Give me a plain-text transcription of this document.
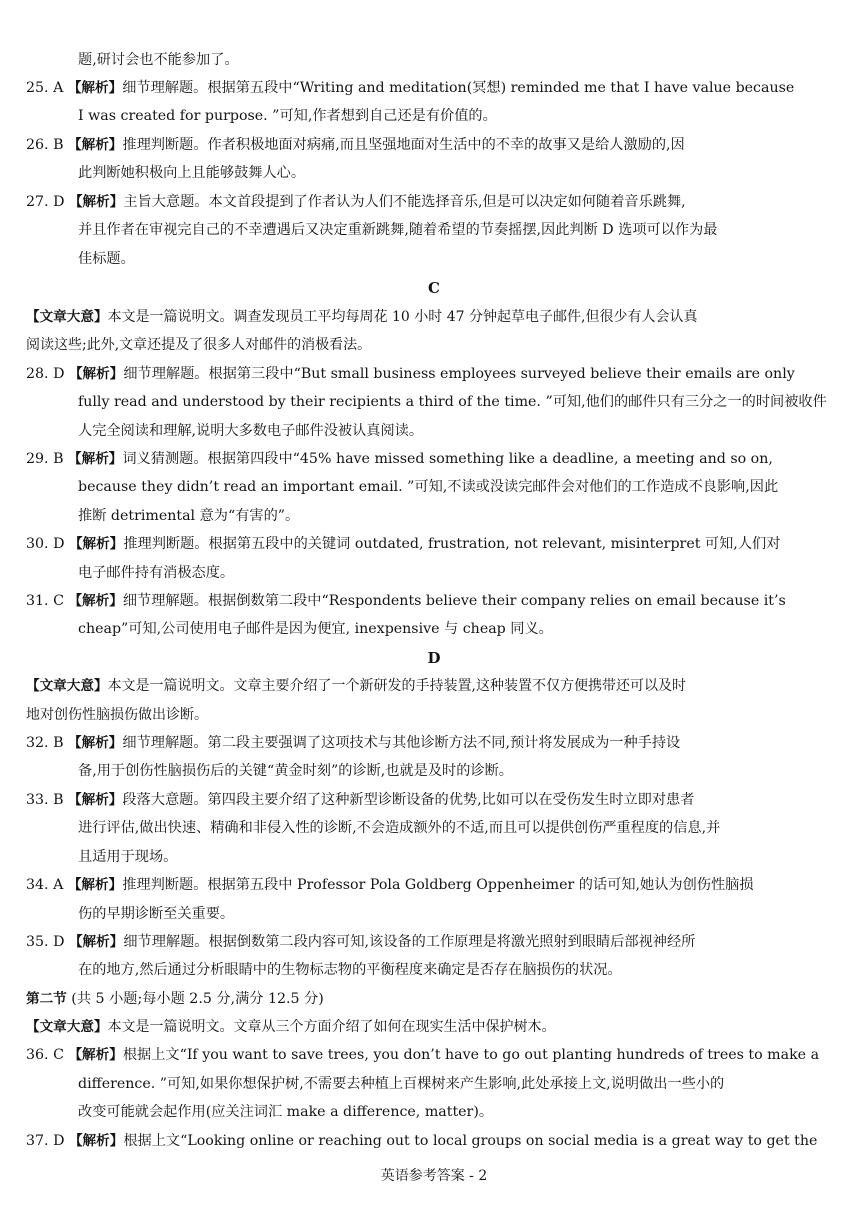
题,研讨会也不能参加了。
25. A 【解析】细节理解题。根据第五段中“Writing and meditation(冥想) reminded me that I have value because
I was created for purpose. ”可知,作者想到自己还是有价值的。
26. B 【解析】推理判断题。作者积极地面对病痛,而且坚强地面对生活中的不幸的故事又是给人激励的,因
此判断她积极向上且能够鼓舞人心。
27. D 【解析】主旨大意题。本文首段提到了作者认为人们不能选择音乐,但是可以决定如何随着音乐跳舞,
并且作者在审视完自己的不幸遭遇后又决定重新跳舞,随着希望的节奏摇摆,因此判断 D 选项可以作为最
佳标题。
C
【文章大意】本文是一篇说明文。调查发现员工平均每周花 10 小时 47 分钟起草电子邮件,但很少有人会认真
阅读这些;此外,文章还提及了很多人对邮件的消极看法。
28. D 【解析】细节理解题。根据第三段中“But small business employees surveyed believe their emails are only
fully read and understood by their recipients a third of the time. ”可知,他们的邮件只有三分之一的时间被收件
人完全阅读和理解,说明大多数电子邮件没被认真阅读。
29. B 【解析】词义猜测题。根据第四段中“45% have missed something like a deadline, a meeting and so on,
because they didn’t read an important email. ”可知,不读或没读完邮件会对他们的工作造成不良影响,因此
推断 detrimental 意为“有害的”。
30. D 【解析】推理判断题。根据第五段中的关键词 outdated, frustration, not relevant, misinterpret 可知,人们对
电子邮件持有消极态度。
31. C 【解析】细节理解题。根据倒数第二段中“Respondents believe their company relies on email because it’s
cheap”可知,公司使用电子邮件是因为便宜, inexpensive 与 cheap 同义。
D
【文章大意】本文是一篇说明文。文章主要介绍了一个新研发的手持装置,这种装置不仅方便携带还可以及时
地对创伤性脑损伤做出诊断。
32. B 【解析】细节理解题。第二段主要强调了这项技术与其他诊断方法不同,预计将发展成为一种手持设
备,用于创伤性脑损伤后的关键“黄金时刻”的诊断,也就是及时的诊断。
33. B 【解析】段落大意题。第四段主要介绍了这种新型诊断设备的优势,比如可以在受伤发生时立即对患者
进行评估,做出快速、精确和非侵入性的诊断,不会造成额外的不适,而且可以提供创伤严重程度的信息,并
且适用于现场。
34. A 【解析】推理判断题。根据第五段中 Professor Pola Goldberg Oppenheimer 的话可知,她认为创伤性脑损
伤的早期诊断至关重要。
35. D 【解析】细节理解题。根据倒数第二段内容可知,该设备的工作原理是将激光照射到眼睛后部视神经所
在的地方,然后通过分析眼睛中的生物标志物的平衡程度来确定是否存在脑损伤的状况。
第二节 (共 5 小题;每小题 2.5 分,满分 12.5 分)
【文章大意】本文是一篇说明文。文章从三个方面介绍了如何在现实生活中保护树木。
36. C 【解析】根据上文“If you want to save trees, you don’t have to go out planting hundreds of trees to make a
difference. ”可知,如果你想保护树,不需要去种植上百棵树来产生影响,此处承接上文,说明做出一些小的
改变可能就会起作用(应关注词汇 make a difference, matter)。
37. D 【解析】根据上文“Looking online or reaching out to local groups on social media is a great way to get the
英语参考答案 - 2
